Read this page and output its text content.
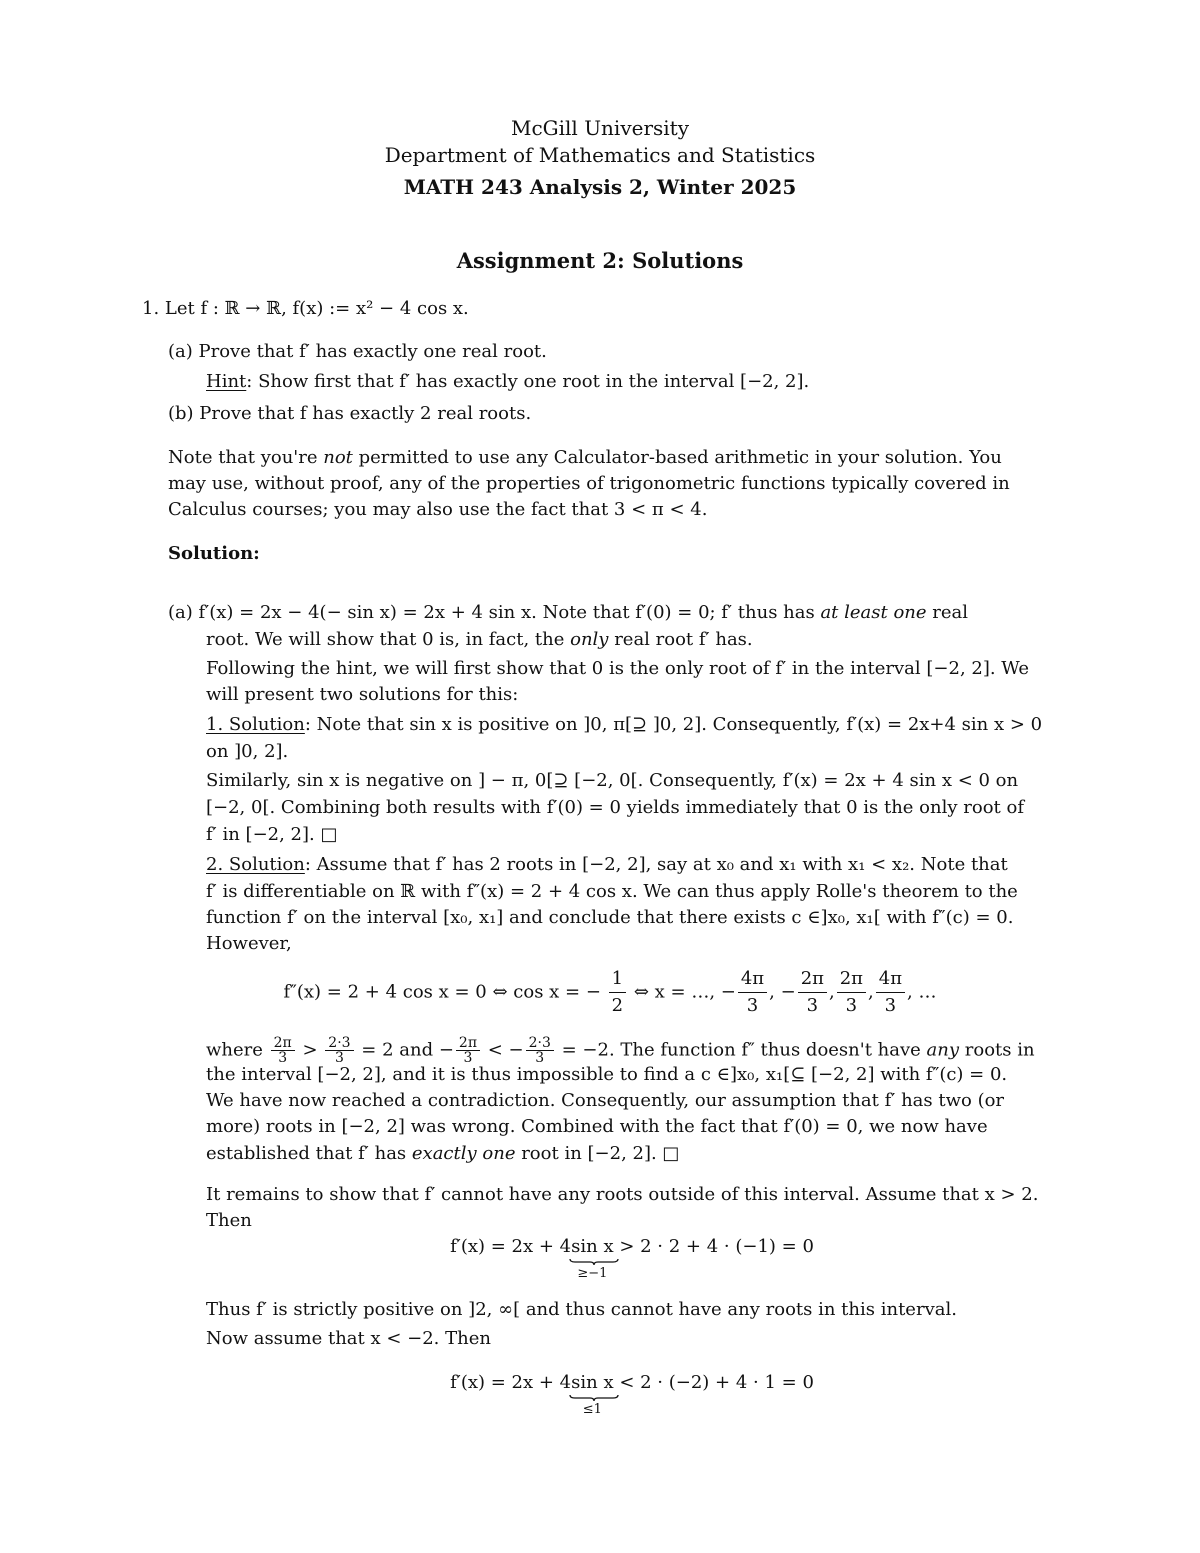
McGill University
Department of Mathematics and Statistics
MATH 243 Analysis 2, Winter 2025
Assignment 2: Solutions
1. Let f : ℝ → ℝ, f(x) := x² − 4 cos x.
(a) Prove that f′ has exactly one real root.
Hint: Show first that f′ has exactly one root in the interval [−2, 2].
(b) Prove that f has exactly 2 real roots.
Note that you're not permitted to use any Calculator-based arithmetic in your solution. You
may use, without proof, any of the properties of trigonometric functions typically covered in
Calculus courses; you may also use the fact that 3 < π < 4.
Solution:
(a) f′(x) = 2x − 4(− sin x) = 2x + 4 sin x. Note that f′(0) = 0; f′ thus has at least one real
root. We will show that 0 is, in fact, the only real root f′ has.
Following the hint, we will first show that 0 is the only root of f′ in the interval [−2, 2]. We
will present two solutions for this:
1. Solution: Note that sin x is positive on ]0, π[⊇ ]0, 2]. Consequently, f′(x) = 2x+4 sin x > 0
on ]0, 2].
Similarly, sin x is negative on ] − π, 0[⊇ [−2, 0[. Consequently, f′(x) = 2x + 4 sin x < 0 on
[−2, 0[. Combining both results with f′(0) = 0 yields immediately that 0 is the only root of
f′ in [−2, 2]. □
2. Solution: Assume that f′ has 2 roots in [−2, 2], say at x₀ and x₁ with x₁ < x₂. Note that
f′ is differentiable on ℝ with f″(x) = 2 + 4 cos x. We can thus apply Rolle's theorem to the
function f′ on the interval [x₀, x₁] and conclude that there exists c ∈]x₀, x₁[ with f″(c) = 0.
However,
f″(x) = 2 + 4 cos x = 0 ⇔ cos x = − $\frac{1}{2}$ ⇔ x = …, − $\frac{4\pi}{3}$ , − $\frac{2\pi}{3}$ , $\frac{2\pi}{3}$ , $\frac{4\pi}{3}$ , …
where $\frac{2\pi}{3} > \frac{2\cdot 3}{3} = 2$ and − $\frac{2\pi}{3}$ < − $\frac{2\cdot 3}{3} = -2$. The function f″ thus doesn't have any roots in
the interval [−2, 2], and it is thus impossible to find a c ∈]x₀, x₁[⊆ [−2, 2] with f″(c) = 0.
We have now reached a contradiction. Consequently, our assumption that f′ has two (or
more) roots in [−2, 2] was wrong. Combined with the fact that f′(0) = 0, we now have
established that f′ has exactly one root in [−2, 2]. □
It remains to show that f′ cannot have any roots outside of this interval. Assume that x > 2.
Then
f′(x) = 2x + 4sin x
≥−1
> 2 · 2 + 4 · (−1) = 0
Thus f′ is strictly positive on ]2, ∞[ and thus cannot have any roots in this interval.
Now assume that x < −2. Then
f′(x) = 2x + 4sin x
≤1
< 2 · (−2) + 4 · 1 = 0
